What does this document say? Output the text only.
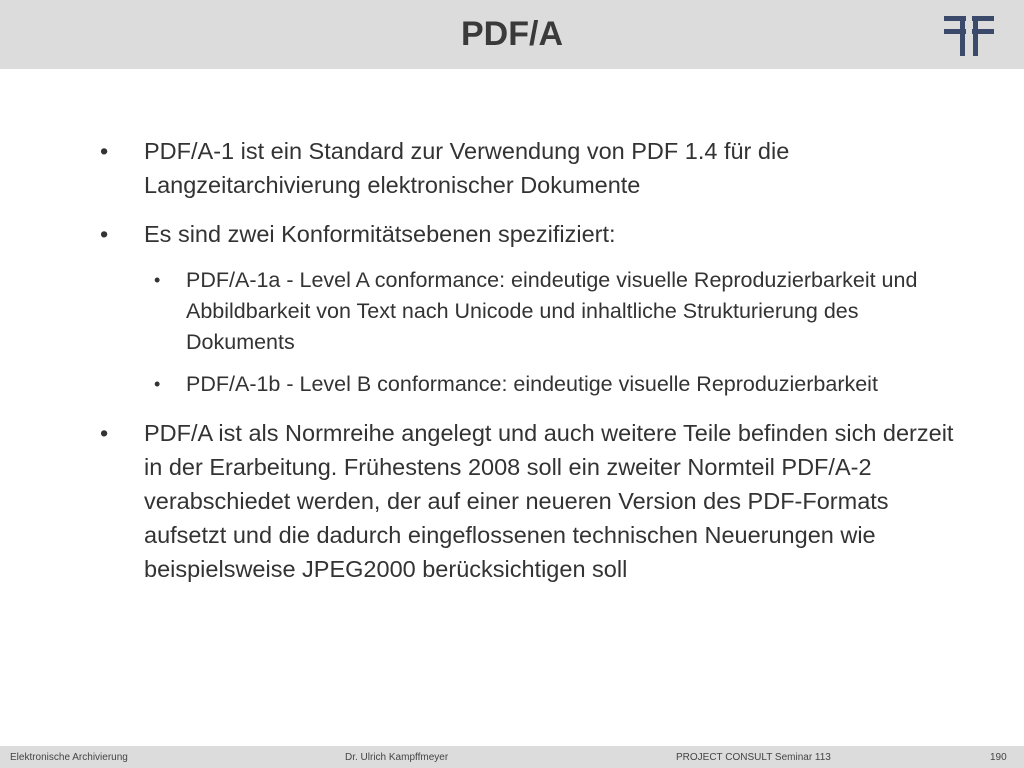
PDF/A
•	PDF/A-1 ist ein Standard zur Verwendung von PDF 1.4 für die Langzeitarchivierung elektronischer Dokumente
•	Es sind zwei Konformitätsebenen spezifiziert:
•	PDF/A-1a - Level A conformance: eindeutige visuelle Reproduzierbarkeit und Abbildbarkeit von Text nach Unicode und inhaltliche Strukturierung des Dokuments
•	PDF/A-1b - Level B conformance: eindeutige visuelle Reproduzierbarkeit
•	PDF/A ist als Normreihe angelegt und auch weitere Teile befinden sich derzeit in der Erarbeitung. Frühestens 2008 soll ein zweiter Normteil PDF/A-2 verabschiedet werden, der auf einer neueren Version des PDF-Formats aufsetzt und die dadurch eingeflossenen technischen Neuerungen wie beispielsweise JPEG2000 berücksichtigen soll
Elektronische Archivierung	Dr. Ulrich Kampffmeyer	PROJECT CONSULT Seminar 113	190
